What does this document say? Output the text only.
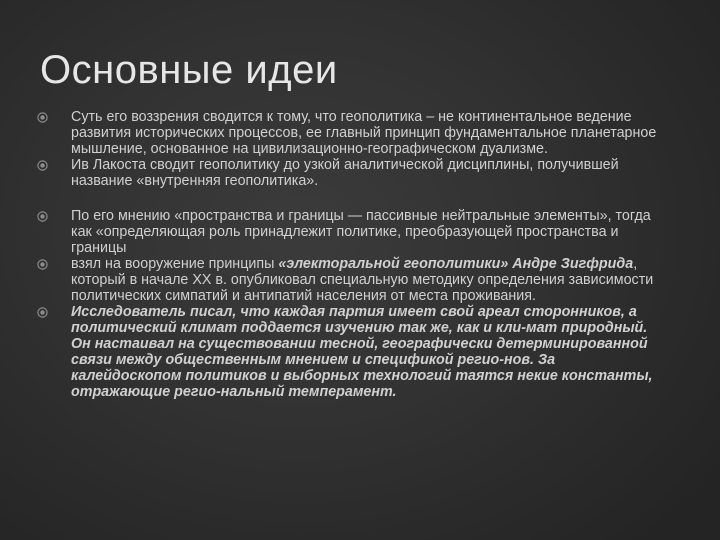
Основные идеи
Суть его воззрения сводится к тому, что геополитика – не континентальное ведение развития исторических процессов, ее главный принцип фундаментальное планетарное мышление, основанное на цивилизационно-географическом дуализме.
Ив Лакоста сводит геополитику до узкой аналитической дисциплины, получившей название «внутренняя геополитика».
По его мнению «пространства и границы — пассивные нейтральные элементы», тогда как «определяющая роль принадлежит политике, преобразующей пространства и границы
взял на вооружение принципы «электоральной геополитики» Андре Зигфрида, который в начале XX в. опубликовал специальную методику определения зависимости политических симпатий и антипатий населения от места проживания.
Исследователь писал, что каждая партия имеет свой ареал сторонников, а политический климат поддается изучению так же, как и кли-мат природный. Он настаивал на существовании тесной, географически детерминированной связи между общественным мнением и спецификой регио-нов. За калейдоскопом политиков и выборных технологий таятся некие константы, отражающие регио-нальный темперамент.
